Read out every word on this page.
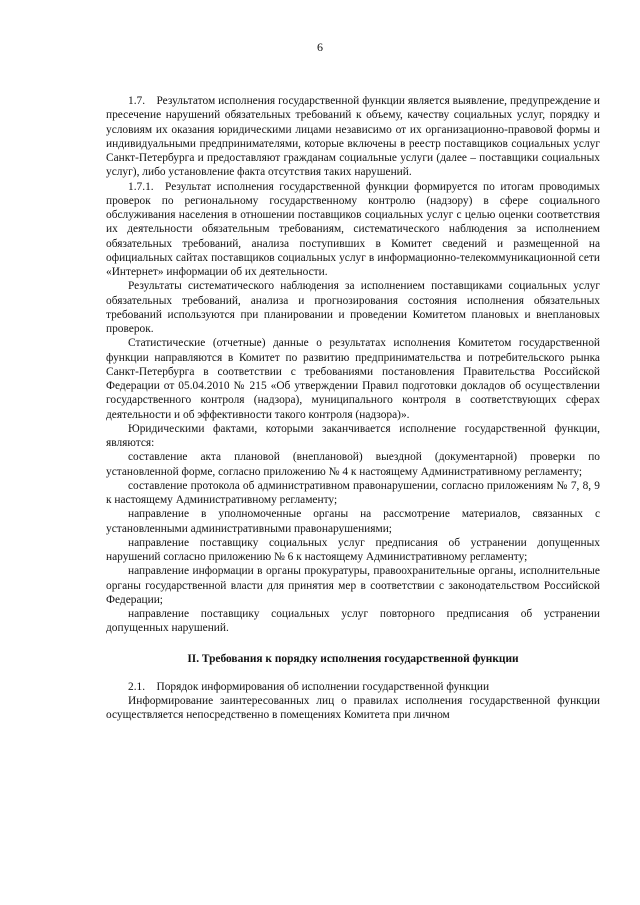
6

1.7. Результатом исполнения государственной функции является выявление, предупреждение и пресечение нарушений обязательных требований к объему, качеству социальных услуг, порядку и условиям их оказания юридическими лицами независимо от их организационно-правовой формы и индивидуальными предпринимателями, которые включены в реестр поставщиков социальных услуг Санкт-Петербурга и предоставляют гражданам социальные услуги (далее – поставщики социальных услуг), либо установление факта отсутствия таких нарушений.

1.7.1. Результат исполнения государственной функции формируется по итогам проводимых проверок по региональному государственному контролю (надзору) в сфере социального обслуживания населения в отношении поставщиков социальных услуг с целью оценки соответствия их деятельности обязательным требованиям, систематического наблюдения за исполнением обязательных требований, анализа поступивших в Комитет сведений и размещенной на официальных сайтах поставщиков социальных услуг в информационно-телекоммуникационной сети «Интернет» информации об их деятельности.

Результаты систематического наблюдения за исполнением поставщиками социальных услуг обязательных требований, анализа и прогнозирования состояния исполнения обязательных требований используются при планировании и проведении Комитетом плановых и внеплановых проверок.

Статистические (отчетные) данные о результатах исполнения Комитетом государственной функции направляются в Комитет по развитию предпринимательства и потребительского рынка Санкт-Петербурга в соответствии с требованиями постановления Правительства Российской Федерации от 05.04.2010 № 215 «Об утверждении Правил подготовки докладов об осуществлении государственного контроля (надзора), муниципального контроля в соответствующих сферах деятельности и об эффективности такого контроля (надзора)».

Юридическими фактами, которыми заканчивается исполнение государственной функции, являются:

составление акта плановой (внеплановой) выездной (документарной) проверки по установленной форме, согласно приложению № 4 к настоящему Административному регламенту;

составление протокола об административном правонарушении, согласно приложениям № 7, 8, 9 к настоящему Административному регламенту;

направление в уполномоченные органы на рассмотрение материалов, связанных с установленными административными правонарушениями;

направление поставщику социальных услуг предписания об устранении допущенных нарушений согласно приложению № 6 к настоящему Административному регламенту;

направление информации в органы прокуратуры, правоохранительные органы, исполнительные органы государственной власти для принятия мер в соответствии с законодательством Российской Федерации;

направление поставщику социальных услуг повторного предписания об устранении допущенных нарушений.

II. Требования к порядку исполнения государственной функции

2.1. Порядок информирования об исполнении государственной функции

Информирование заинтересованных лиц о правилах исполнения государственной функции осуществляется непосредственно в помещениях Комитета при личном
